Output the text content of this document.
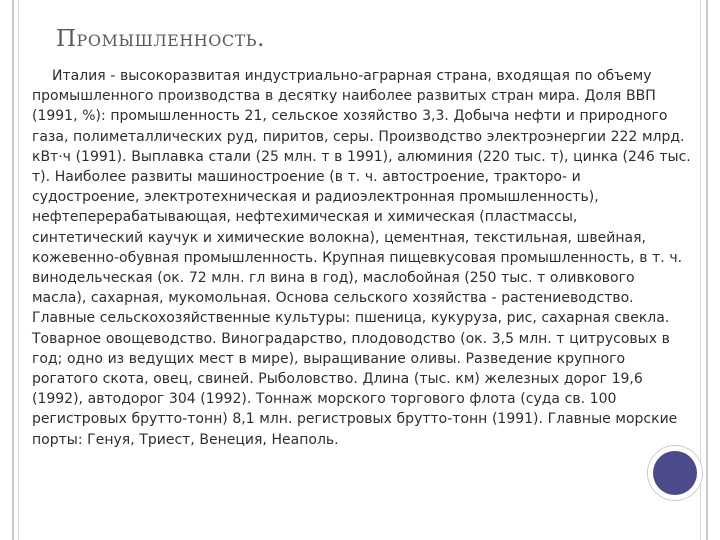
Промышленность.
Италия - высокоразвитая индустриально-аграрная страна, входящая по объему промышленного производства в десятку наиболее развитых стран мира. Доля ВВП (1991, %): промышленность 21, сельское хозяйство 3,3. Добыча нефти и природного газа, полиметаллических руд, пиритов, серы. Производство электроэнергии 222 млрд. кВт·ч (1991). Выплавка стали (25 млн. т в 1991), алюминия (220 тыс. т), цинка (246 тыс. т). Наиболее развиты машиностроение (в т. ч. автостроение, тракторо- и судостроение, электротехническая и радиоэлектронная промышленность), нефтеперерабатывающая, нефтехимическая и химическая (пластмассы, синтетический каучук и химические волокна), цементная, текстильная, швейная, кожевенно-обувная промышленность. Крупная пищевкусовая промышленность, в т. ч. винодельческая (ок. 72 млн. гл вина в год), маслобойная (250 тыс. т оливкового масла), сахарная, мукомольная. Основа сельского хозяйства - растениеводство. Главные сельскохозяйственные культуры: пшеница, кукуруза, рис, сахарная свекла. Товарное овощеводство. Виноградарство, плодоводство (ок. 3,5 млн. т цитрусовых в год; одно из ведущих мест в мире), выращивание оливы. Разведение крупного рогатого скота, овец, свиней. Рыболовство. Длина (тыс. км) железных дорог 19,6 (1992), автодорог 304 (1992). Тоннаж морского торгового флота (суда св. 100 регистровых брутто-тонн) 8,1 млн. регистровых брутто-тонн (1991). Главные морские порты: Генуя, Триест, Венеция, Неаполь.
